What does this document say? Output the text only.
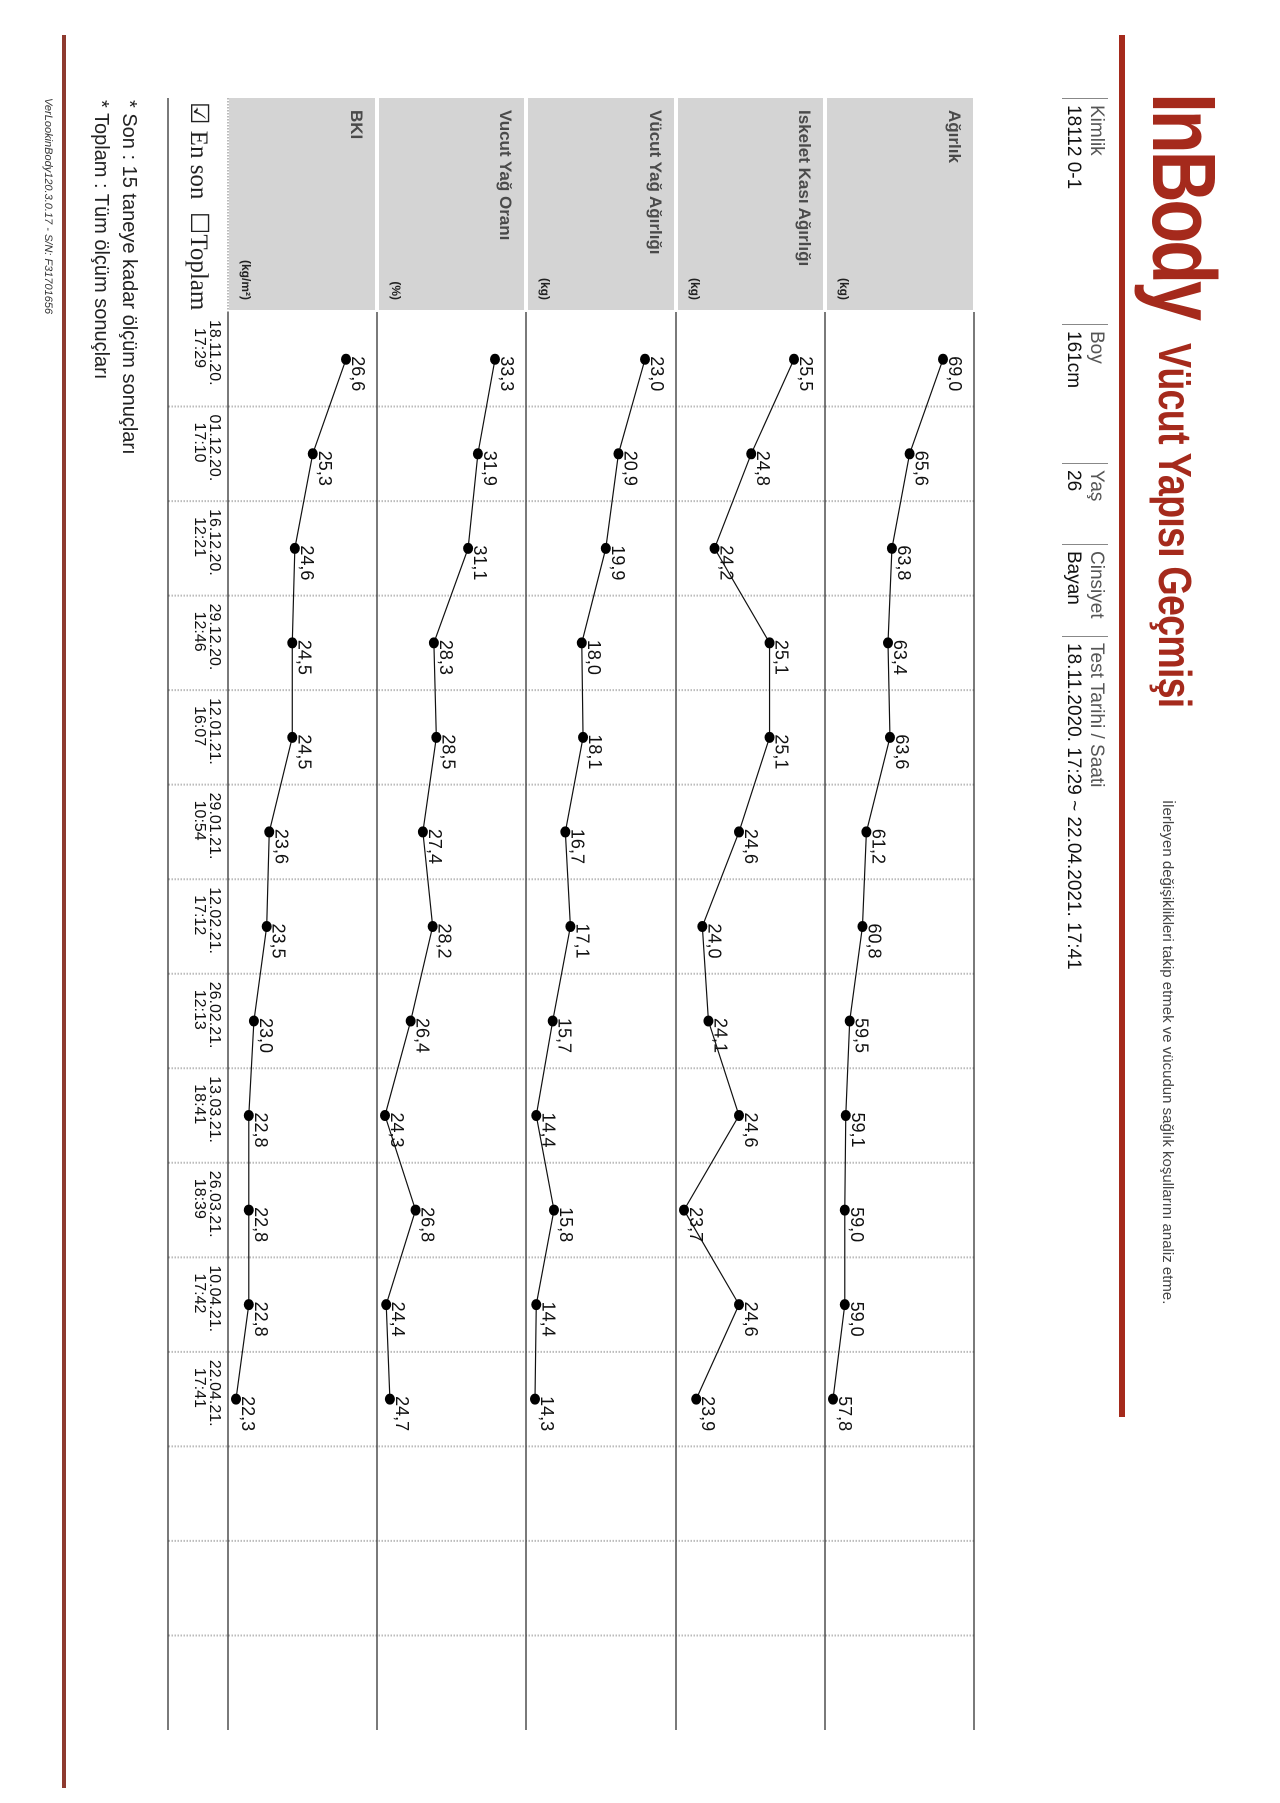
InBody
Vücut Yapısı Geçmişi
İlerleyen değişiklikleri takip etmek ve vücudun sağlık koşullarını analiz etme.
Kimlik
18112 0-1
Boy
161cm
Yaş
26
Cinsiyet
Bayan
Test Tarihi / Saati
18.11.2020. 17:29 ~ 22.04.2021. 17:41
Ağırlık
(kg)
Iskelet Kası Ağırlığı
(kg)
Vücut Yağ Ağırlığı
(kg)
Vucut Yağ Oranı
(%)
BKI
(kg/m²)
69,0
65,6
63,8
63,4
63,6
61,2
60,8
59,5
59,1
59,0
59,0
57,8
25,5
24,8
24,2
25,1
25,1
24,6
24,0
24,1
24,6
23,7
24,6
23,9
23,0
20,9
19,9
18,0
18,1
16,7
17,1
15,7
14,4
15,8
14,4
14,3
33,3
31,9
31,1
28,3
28,5
27,4
28,2
26,4
24,3
26,8
24,4
24,7
26,6
25,3
24,6
24,5
24,5
23,6
23,5
23,0
22,8
22,8
22,8
22,3
18.11.20.
17:29
01.12.20.
17:10
16.12.20.
12:21
29.12.20.
12:46
12.01.21.
16:07
29.01.21.
10:54
12.02.21.
17:12
26.02.21.
12:13
13.03.21.
18:41
26.03.21.
18:39
10.04.21.
17:42
22.04.21.
17:41
☑ En son  ☐Toplam
* Son : 15 taneye kadar ölçüm sonuçları
* Toplam : Tüm ölçüm sonuçları
VerLookinBody120.3.0.17 - S/N: F31701656
